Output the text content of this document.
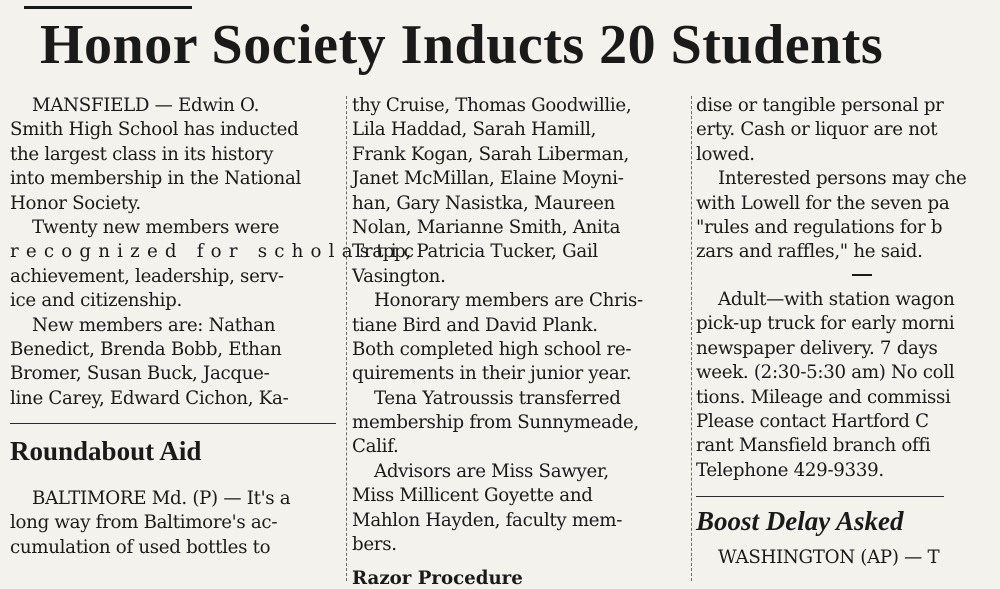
Honor Society Inducts 20 Students
MANSFIELD — Edwin O.
Smith High School has inducted
the largest class in its history
into membership in the National
Honor Society.
Twenty new members were
recognized for scholastic
achievement, leadership, serv-
ice and citizenship.
New members are: Nathan
Benedict, Brenda Bobb, Ethan
Bromer, Susan Buck, Jacque-
line Carey, Edward Cichon, Ka-
Roundabout Aid
BALTIMORE Md. (P) — It's a
long way from Baltimore's ac-
cumulation of used bottles to
thy Cruise, Thomas Goodwillie,
Lila Haddad, Sarah Hamill,
Frank Kogan, Sarah Liberman,
Janet McMillan, Elaine Moyni-
han, Gary Nasistka, Maureen
Nolan, Marianne Smith, Anita
Trapp, Patricia Tucker, Gail
Vasington.
Honorary members are Chris-
tiane Bird and David Plank.
Both completed high school re-
quirements in their junior year.
Tena Yatroussis transferred
membership from Sunnymeade,
Calif.
Advisors are Miss Sawyer,
Miss Millicent Goyette and
Mahlon Hayden, faculty mem-
bers.
Razor Procedure
dise or tangible personal pr
erty. Cash or liquor are not
lowed.
Interested persons may che
with Lowell for the seven pa
"rules and regulations for b
zars and raffles," he said.
Adult—with station wagon
pick-up truck for early morni
newspaper delivery. 7 days
week. (2:30-5:30 am) No coll
tions. Mileage and commissi
Please contact Hartford C
rant Mansfield branch offi
Telephone 429-9339.
Boost Delay Asked
WASHINGTON (AP) — T
